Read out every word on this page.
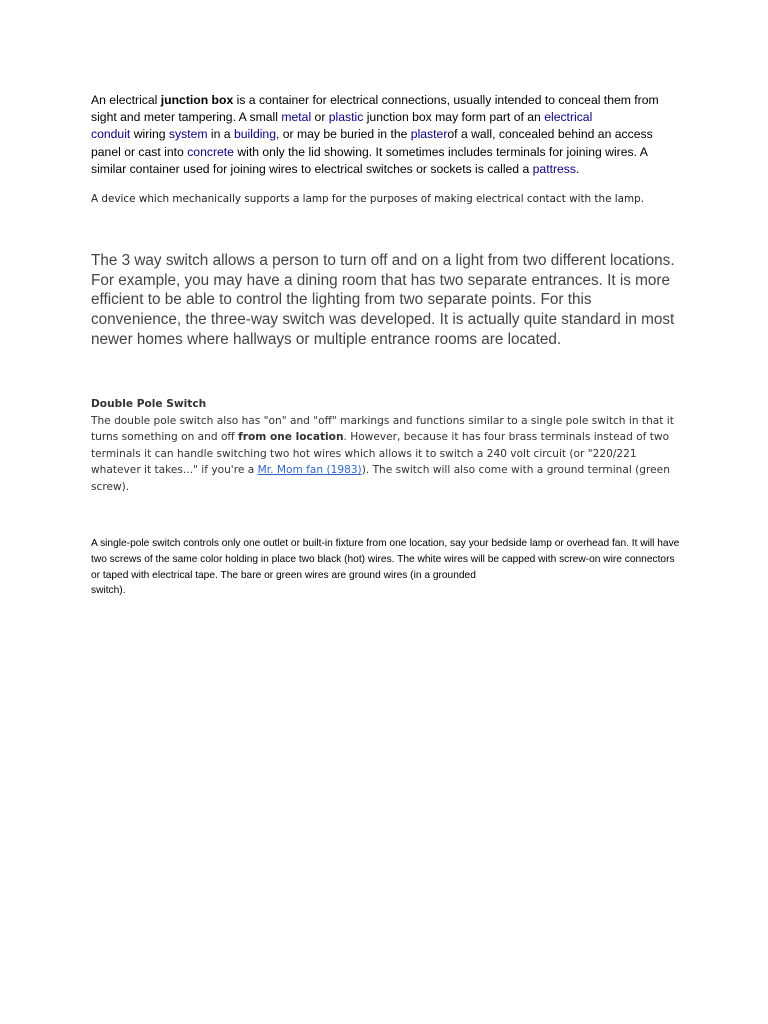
An electrical junction box is a container for electrical connections, usually intended to conceal them from sight and meter tampering. A small metal or plastic junction box may form part of an electrical
conduit wiring system in a building, or may be buried in the plasterof a wall, concealed behind an access panel or cast into concrete with only the lid showing. It sometimes includes terminals for joining wires. A similar container used for joining wires to electrical switches or sockets is called a pattress.

A device which mechanically supports a lamp for the purposes of making electrical contact with the lamp.

The 3 way switch allows a person to turn off and on a light from two different locations. For example, you may have a dining room that has two separate entrances. It is more efficient to be able to control the lighting from two separate points. For this convenience, the three-way switch was developed. It is actually quite standard in most newer homes where hallways or multiple entrance rooms are located.

Double Pole Switch
The double pole switch also has "on" and "off" markings and functions similar to a single pole switch in that it turns something on and off from one location. However, because it has four brass terminals instead of two terminals it can handle switching two hot wires which allows it to switch a 240 volt circuit (or "220/221 whatever it takes..." if you're a Mr. Mom fan (1983)). The switch will also come with a ground terminal (green screw).

A single-pole switch controls only one outlet or built-in fixture from one location, say your bedside lamp or overhead fan. It will have two screws of the same color holding in place two black (hot) wires. The white wires will be capped with screw-on wire connectors or taped with electrical tape. The bare or green wires are ground wires (in a grounded
switch).
